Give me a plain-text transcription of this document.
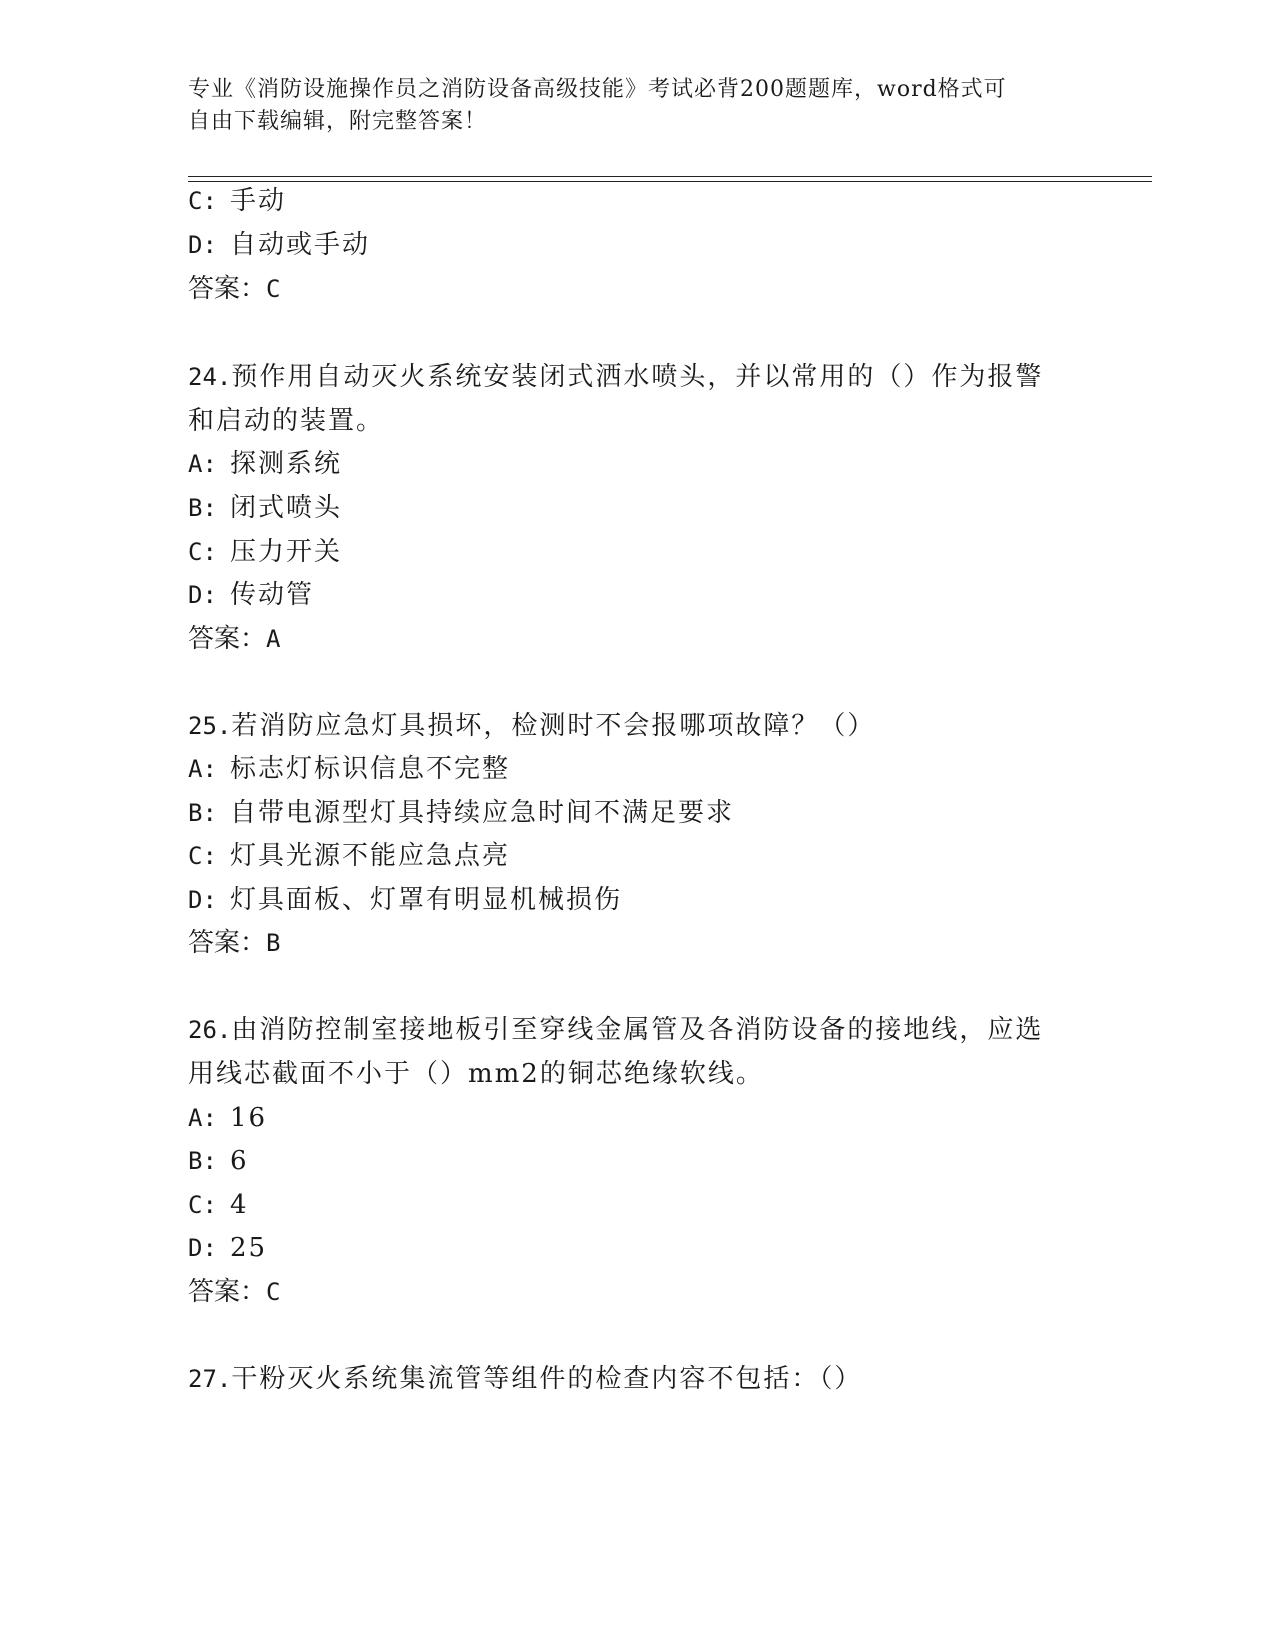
专业《消防设施操作员之消防设备高级技能》考试必背200题题库，word格式可
自由下载编辑，附完整答案！
C: 手动
D: 自动或手动
答案：C
24.预作用自动灭火系统安装闭式洒水喷头，并以常用的（）作为报警
和启动的装置。
A: 探测系统
B: 闭式喷头
C: 压力开关
D: 传动管
答案：A
25.若消防应急灯具损坏，检测时不会报哪项故障？（）
A: 标志灯标识信息不完整
B: 自带电源型灯具持续应急时间不满足要求
C: 灯具光源不能应急点亮
D: 灯具面板、灯罩有明显机械损伤
答案：B
26.由消防控制室接地板引至穿线金属管及各消防设备的接地线，应选
用线芯截面不小于（）mm2的铜芯绝缘软线。
A: 16
B: 6
C: 4
D: 25
答案：C
27.干粉灭火系统集流管等组件的检查内容不包括：（）
